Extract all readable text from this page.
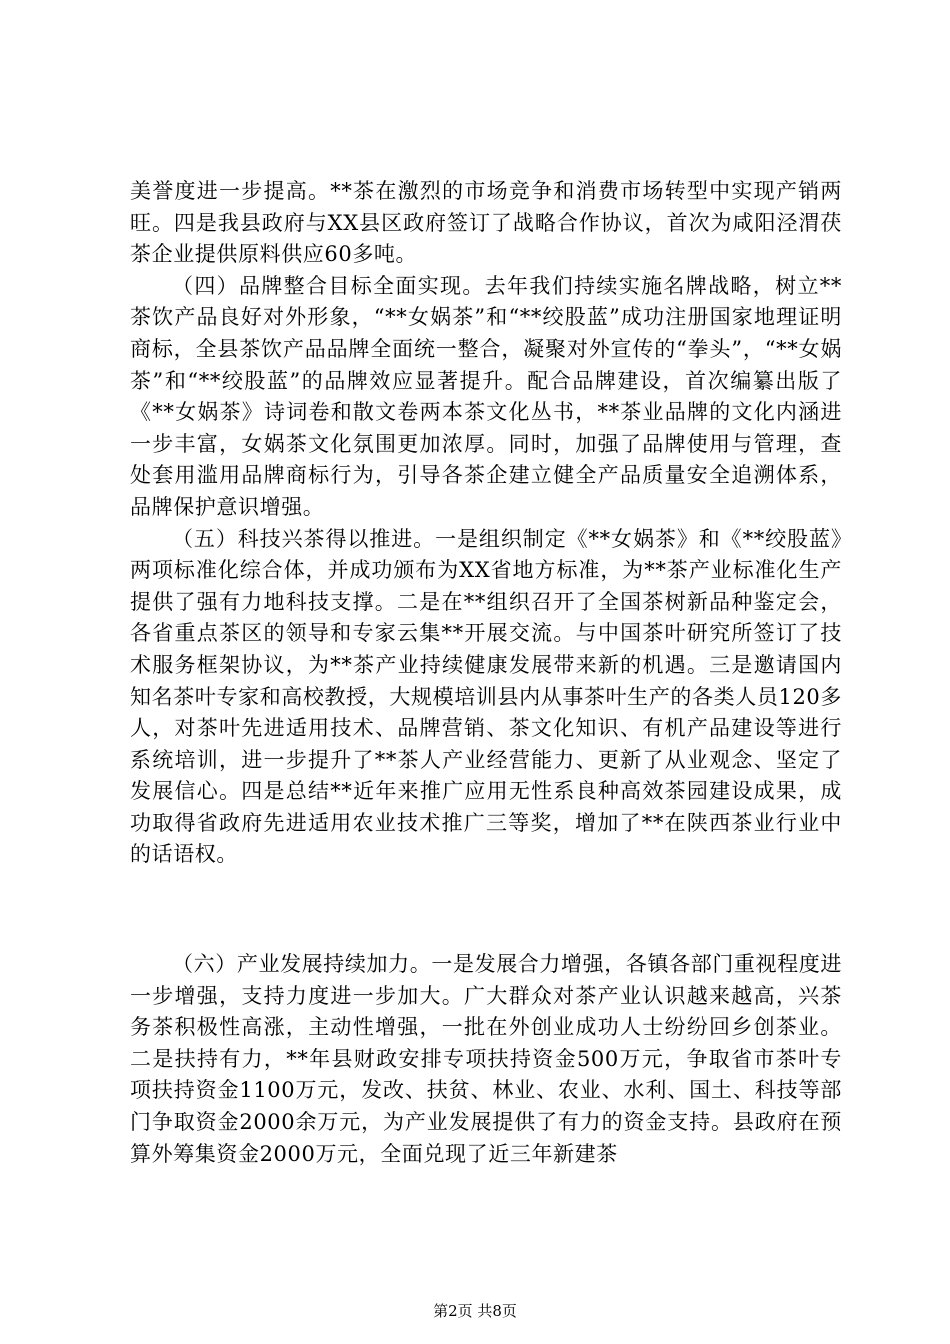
美誉度进一步提高。**茶在激烈的市场竞争和消费市场转型中实现产销两旺。四是我县政府与XX县区政府签订了战略合作协议，首次为咸阳泾渭茯茶企业提供原料供应60多吨。

（四）品牌整合目标全面实现。去年我们持续实施名牌战略，树立**茶饮产品良好对外形象，“**女娲茶”和“**绞股蓝”成功注册国家地理证明商标，全县茶饮产品品牌全面统一整合，凝聚对外宣传的“拳头”，“**女娲茶”和“**绞股蓝”的品牌效应显著提升。配合品牌建设，首次编纂出版了《**女娲茶》诗词卷和散文卷两本茶文化丛书，**茶业品牌的文化内涵进一步丰富，女娲茶文化氛围更加浓厚。同时，加强了品牌使用与管理，查处套用滥用品牌商标行为，引导各茶企建立健全产品质量安全追溯体系，品牌保护意识增强。

（五）科技兴茶得以推进。一是组织制定《**女娲茶》和《**绞股蓝》两项标准化综合体，并成功颁布为XX省地方标准，为**茶产业标准化生产提供了强有力地科技支撑。二是在**组织召开了全国茶树新品种鉴定会，各省重点茶区的领导和专家云集**开展交流。与中国茶叶研究所签订了技术服务框架协议，为**茶产业持续健康发展带来新的机遇。三是邀请国内知名茶叶专家和高校教授，大规模培训县内从事茶叶生产的各类人员120多人，对茶叶先进适用技术、品牌营销、茶文化知识、有机产品建设等进行系统培训，进一步提升了**茶人产业经营能力、更新了从业观念、坚定了发展信心。四是总结**近年来推广应用无性系良种高效茶园建设成果，成功取得省政府先进适用农业技术推广三等奖，增加了**在陕西茶业行业中的话语权。

（六）产业发展持续加力。一是发展合力增强，各镇各部门重视程度进一步增强，支持力度进一步加大。广大群众对茶产业认识越来越高，兴茶务茶积极性高涨，主动性增强，一批在外创业成功人士纷纷回乡创茶业。二是扶持有力，**年县财政安排专项扶持资金500万元，争取省市茶叶专项扶持资金1100万元，发改、扶贫、林业、农业、水利、国土、科技等部门争取资金2000余万元，为产业发展提供了有力的资金支持。县政府在预算外筹集资金2000万元，全面兑现了近三年新建茶

第2页 共8页
